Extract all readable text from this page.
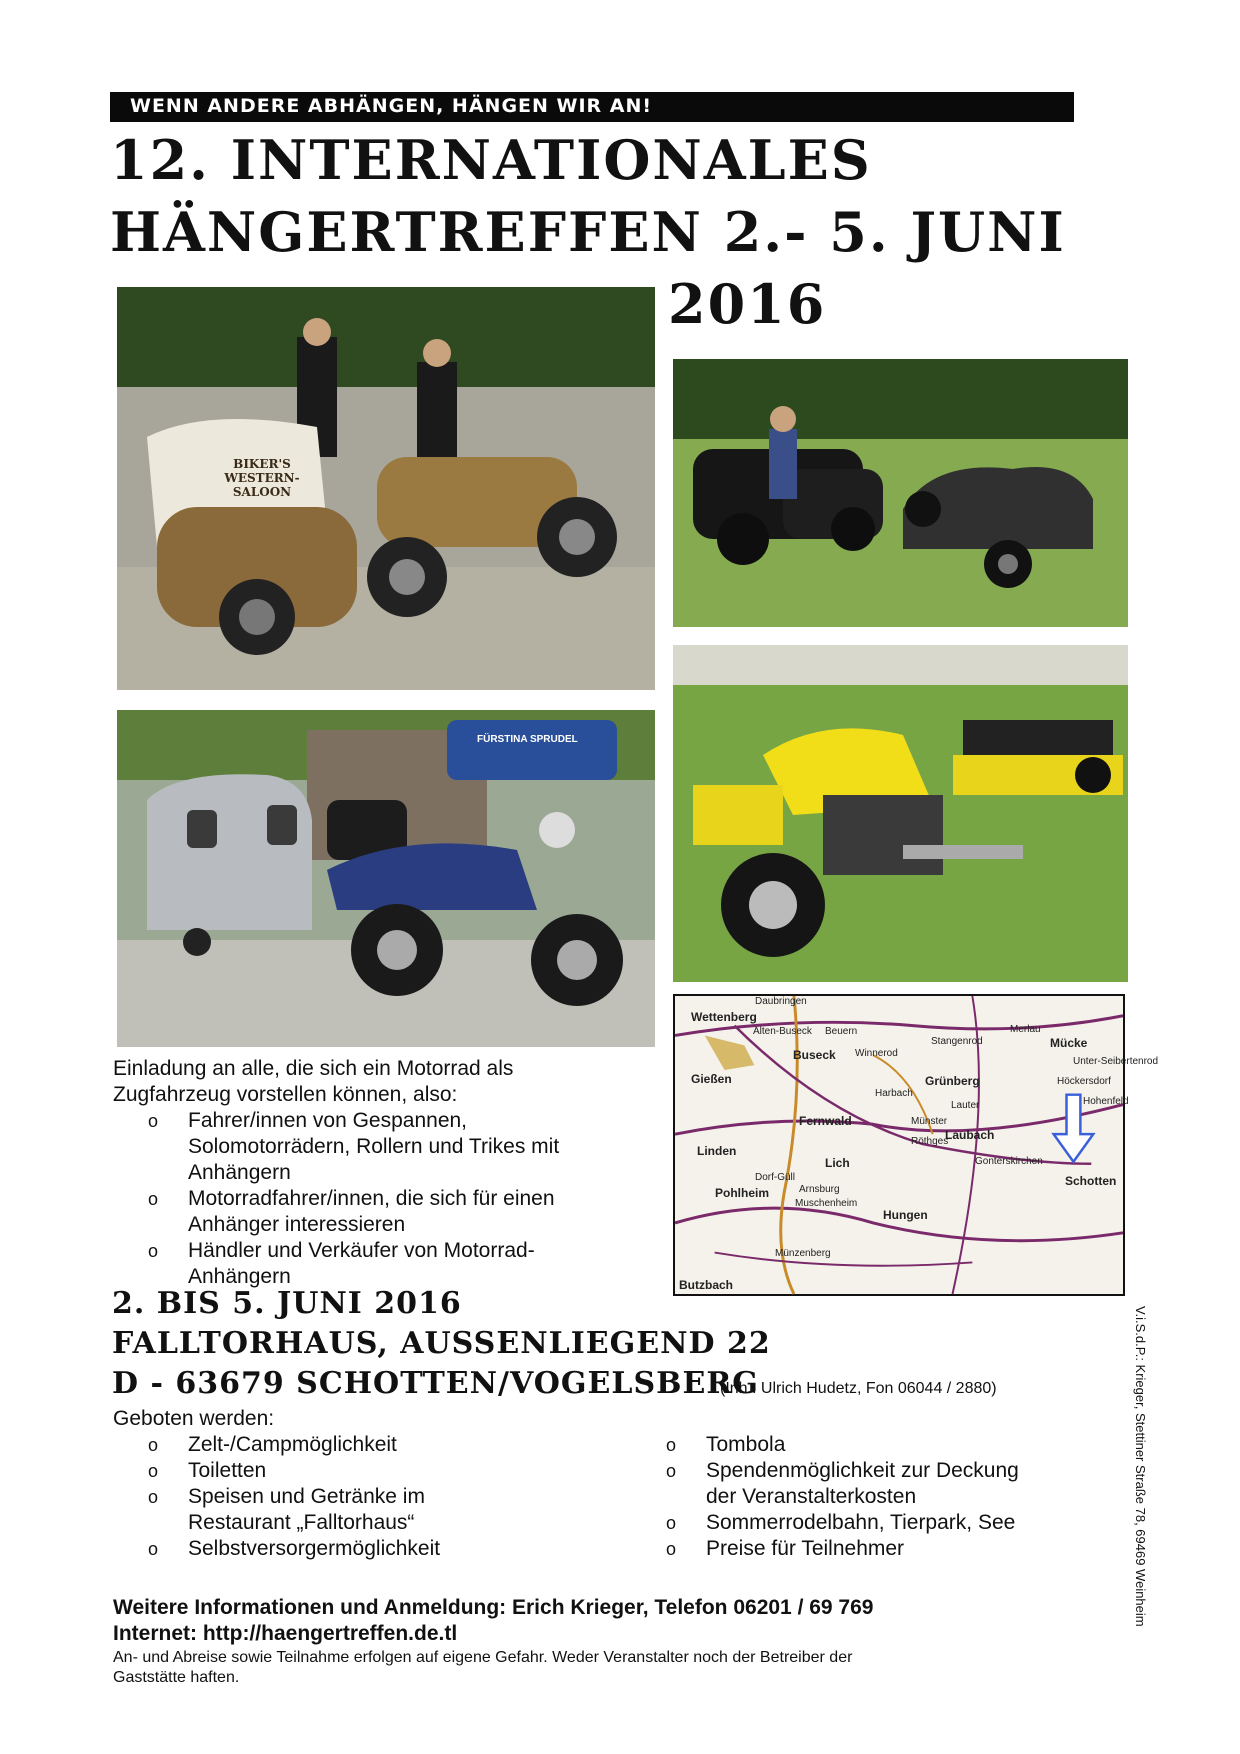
WENN ANDERE ABHÄNGEN, HÄNGEN WIR AN!
12. INTERNATIONALES
HÄNGERTREFFEN 2.- 5. JUNI
2016
BIKER'S WESTERN-SALOON
FÜRSTINA SPRUDEL
Einladung an alle, die sich ein Motorrad als
Zugfahrzeug vorstellen können, also:
o Fahrer/innen von Gespannen,
Solomotorrädern, Rollern und Trikes mit
Anhängern
o Motorradfahrer/innen, die sich für einen
Anhänger interessieren
o Händler und Verkäufer von Motorrad-
Anhängern
Daubringen
Wettenberg
Alten-Buseck Beuern
Stangenrod
Merlau
Mücke
Buseck Winnerod
Unter-Seibertenrod
Gießen	Grünberg	Höckersdorf
Harbach
Lauter	Hohenfeld
Fernwald	Münster
Laubach
Röthges
Linden
Lich	Gonterskirchen
Schotten
Dorf-Güll
Pohlheim	Arnsburg
Muschenheim
Hungen
Münzenberg
Butzbach
V.i.S.d.P.: Krieger, Stettiner Straße 78, 69469 Weinheim
2. BIS 5. JUNI 2016
FALLTORHAUS, AUSSENLIEGEND 22
D - 63679 SCHOTTEN/VOGELSBERG
(Inh.: Ulrich Hudetz, Fon 06044 / 2880)
Geboten werden:
o Zelt-/Campmöglichkeit
o Toiletten
o Speisen und Getränke im
Restaurant „Falltorhaus“
o Selbstversorgermöglichkeit
o Tombola
o Spendenmöglichkeit zur Deckung
der Veranstalterkosten
o Sommerrodelbahn, Tierpark, See
o Preise für Teilnehmer
Weitere Informationen und Anmeldung: Erich Krieger, Telefon 06201 / 69 769
Internet: http://haengertreffen.de.tl
An- und Abreise sowie Teilnahme erfolgen auf eigene Gefahr. Weder Veranstalter noch der Betreiber der
Gaststätte haften.
